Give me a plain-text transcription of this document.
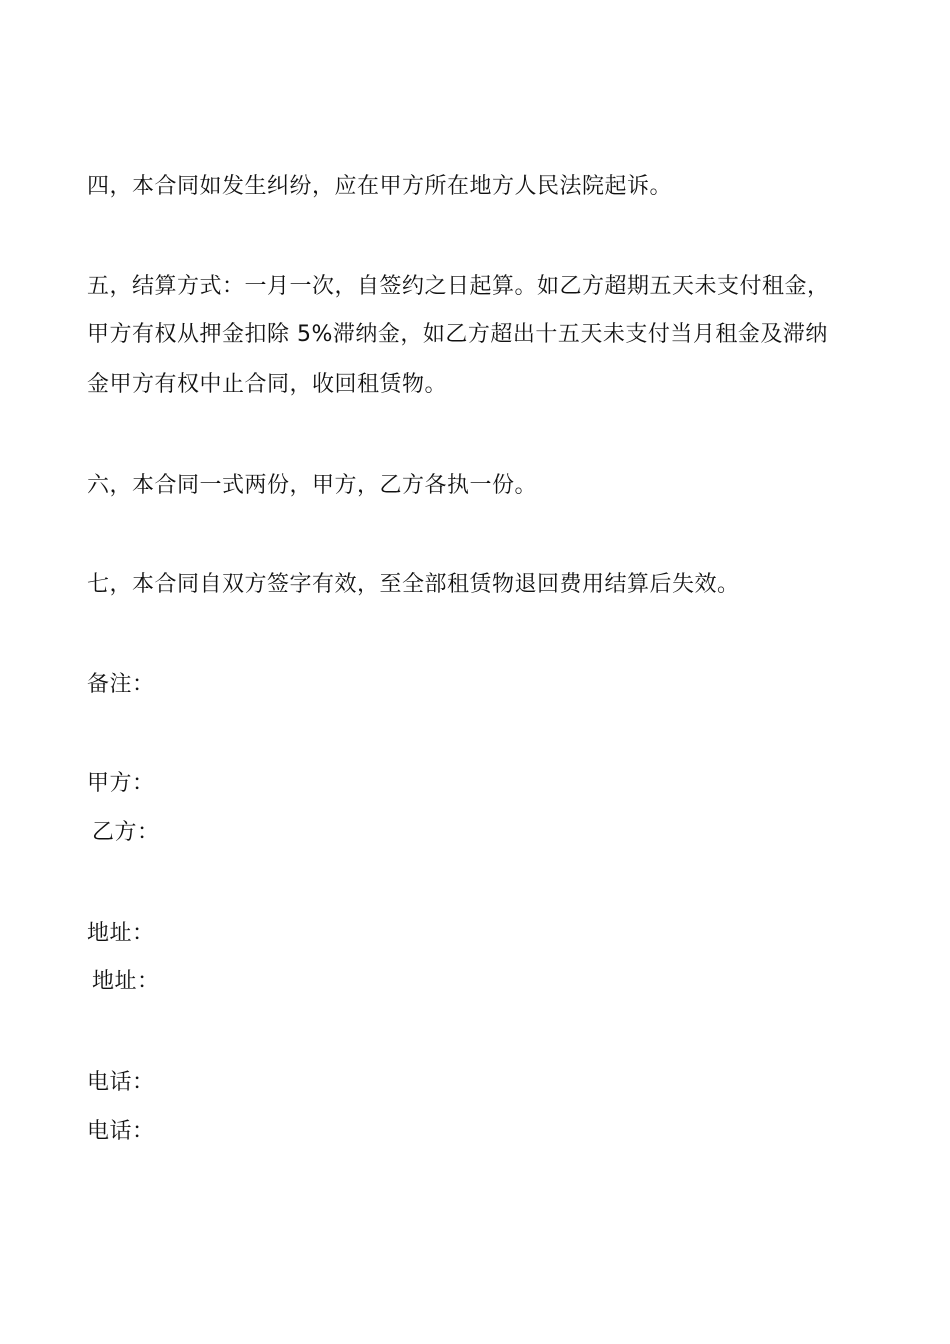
四，本合同如发生纠纷，应在甲方所在地方人民法院起诉。
五，结算方式：一月一次，自签约之日起算。如乙方超期五天未支付租金，
甲方有权从押金扣除 5%滞纳金，如乙方超出十五天未支付当月租金及滞纳
金甲方有权中止合同，收回租赁物。
六，本合同一式两份，甲方，乙方各执一份。
七，本合同自双方签字有效，至全部租赁物退回费用结算后失效。
备注：
甲方：
乙方：
地址：
地址：
电话：
电话：
